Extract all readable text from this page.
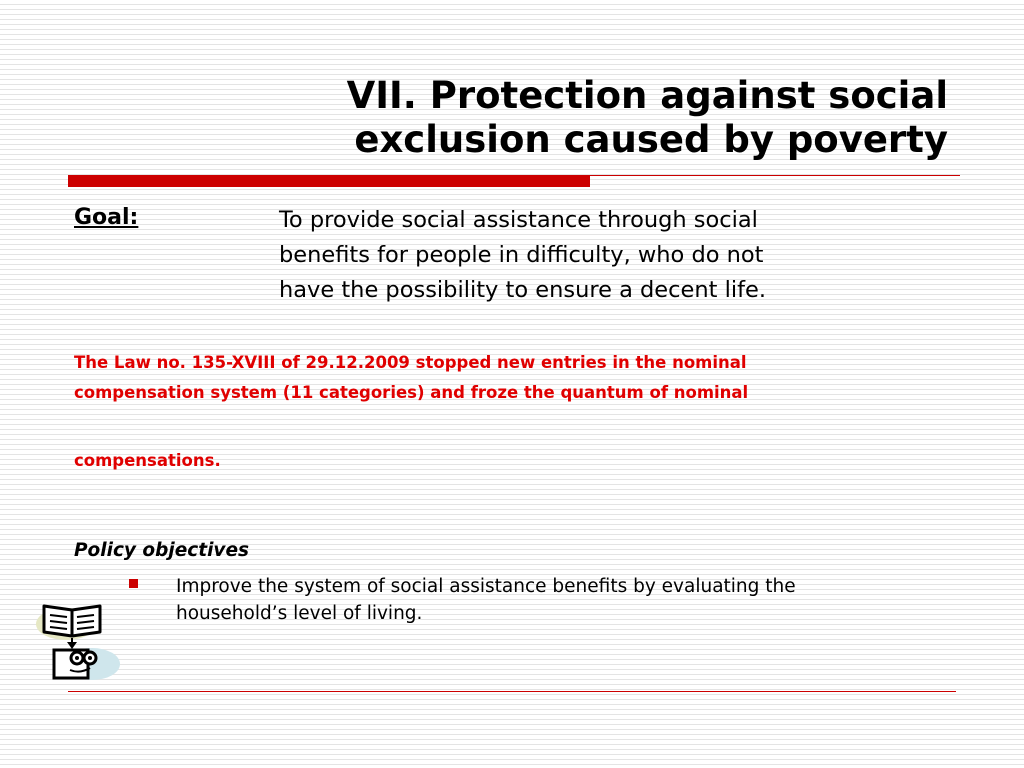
VII. Protection against social
exclusion caused by poverty
Goal:	To provide social assistance through social
benefits for people in difficulty, who do not
have the possibility to ensure a decent life.
The Law no. 135-XVIII of 29.12.2009 stopped new entries in the nominal
compensation system (11 categories) and froze the quantum of nominal
compensations.
Policy objectives
Improve the system of social assistance benefits by evaluating the
household’s level of living.
